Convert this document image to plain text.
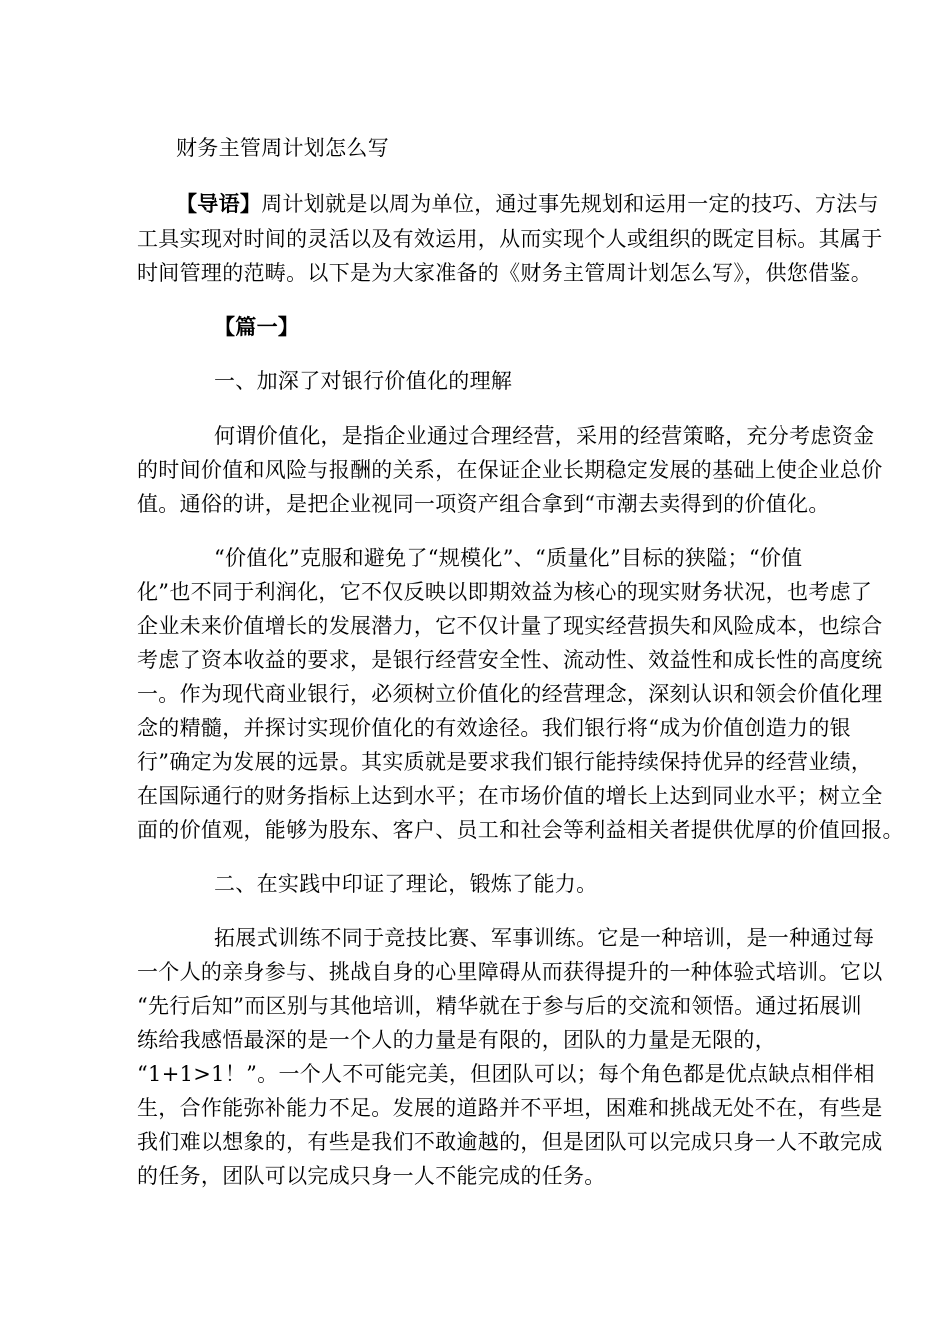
财务主管周计划怎么写
【导语】周计划就是以周为单位，通过事先规划和运用一定的技巧、方法与
工具实现对时间的灵活以及有效运用，从而实现个人或组织的既定目标。其属于
时间管理的范畴。以下是为大家准备的《财务主管周计划怎么写》，供您借鉴。
【篇一】
一、加深了对银行价值化的理解
何谓价值化，是指企业通过合理经营，采用的经营策略，充分考虑资金
的时间价值和风险与报酬的关系，在保证企业长期稳定发展的基础上使企业总价
值。通俗的讲，是把企业视同一项资产组合拿到“市潮去卖得到的价值化。
“价值化”克服和避免了“规模化”、“质量化”目标的狭隘；“价值
化”也不同于利润化，它不仅反映以即期效益为核心的现实财务状况，也考虑了
企业未来价值增长的发展潜力，它不仅计量了现实经营损失和风险成本，也综合
考虑了资本收益的要求，是银行经营安全性、流动性、效益性和成长性的高度统
一。作为现代商业银行，必须树立价值化的经营理念，深刻认识和领会价值化理
念的精髓，并探讨实现价值化的有效途径。我们银行将“成为价值创造力的银
行”确定为发展的远景。其实质就是要求我们银行能持续保持优异的经营业绩，
在国际通行的财务指标上达到水平；在市场价值的增长上达到同业水平；树立全
面的价值观，能够为股东、客户、员工和社会等利益相关者提供优厚的价值回报。
二、在实践中印证了理论，锻炼了能力。
拓展式训练不同于竞技比赛、军事训练。它是一种培训，是一种通过每
一个人的亲身参与、挑战自身的心里障碍从而获得提升的一种体验式培训。它以
“先行后知”而区别与其他培训，精华就在于参与后的交流和领悟。通过拓展训
练给我感悟最深的是一个人的力量是有限的，团队的力量是无限的，
“1+1>1！”。一个人不可能完美，但团队可以；每个角色都是优点缺点相伴相
生，合作能弥补能力不足。发展的道路并不平坦，困难和挑战无处不在，有些是
我们难以想象的，有些是我们不敢逾越的，但是团队可以完成只身一人不敢完成
的任务，团队可以完成只身一人不能完成的任务。
